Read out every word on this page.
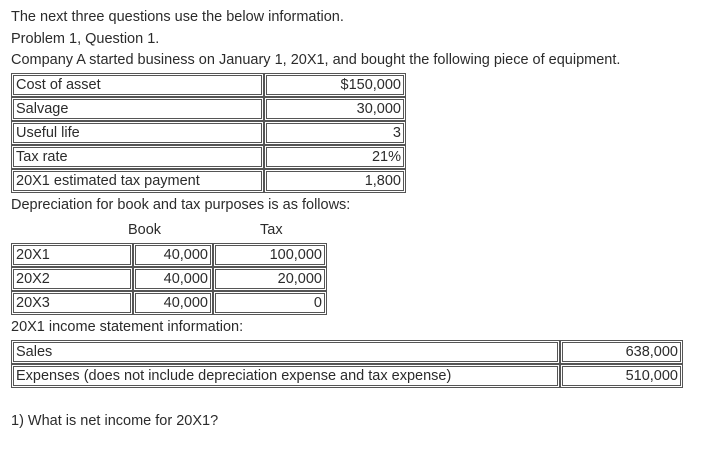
The next three questions use the below information.
Problem 1, Question 1.
Company A started business on January 1, 20X1, and bought the following piece of equipment.
Cost of asset	$150,000
Salvage	30,000
Useful life	3
Tax rate	21%
20X1 estimated tax payment	1,800
Depreciation for book and tax purposes is as follows:
Book	Tax
20X1	40,000	100,000
20X2	40,000	20,000
20X3	40,000	0
20X1 income statement information:
Sales	638,000
Expenses (does not include depreciation expense and tax expense)	510,000
1) What is net income for 20X1?
